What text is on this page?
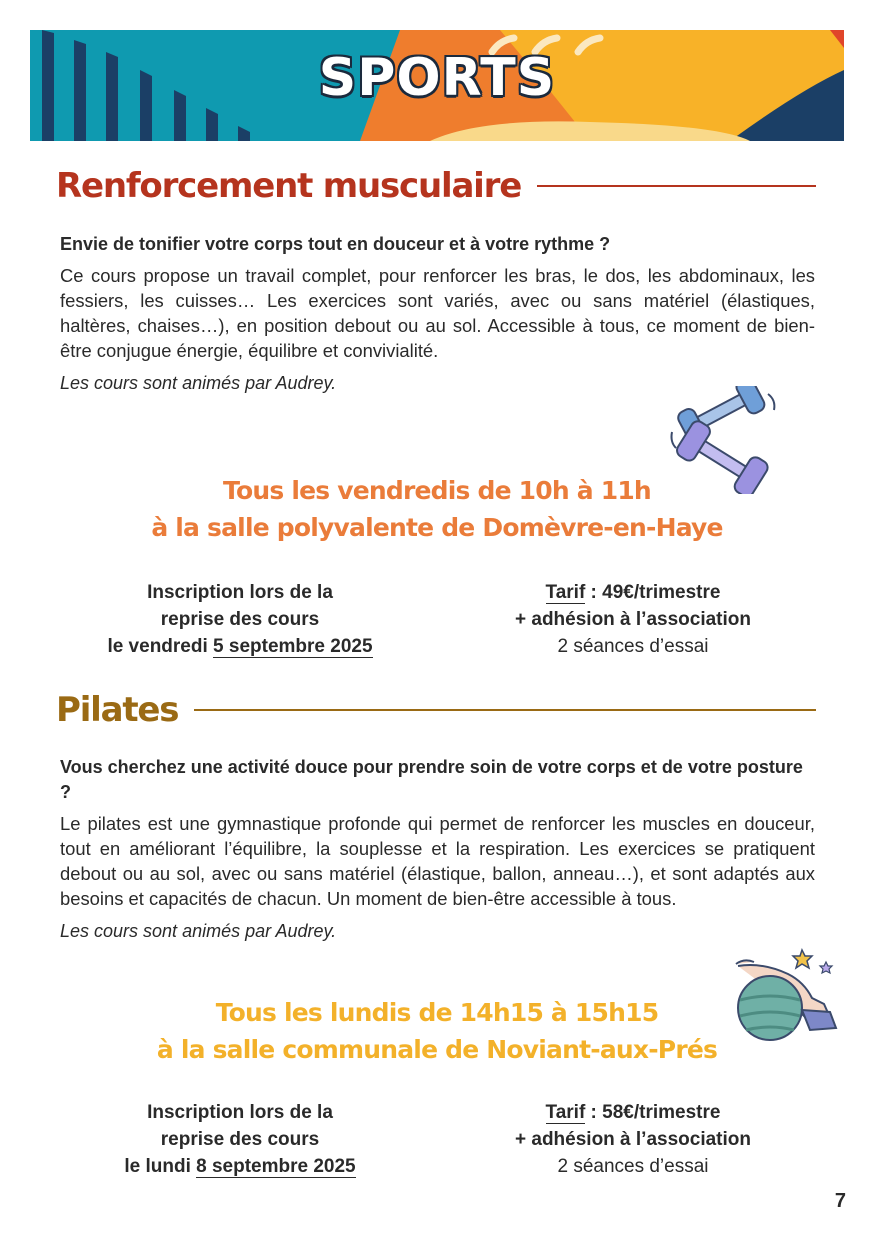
SPORTS
Renforcement musculaire

Envie de tonifier votre corps tout en douceur et à votre rythme ?

Ce cours propose un travail complet, pour renforcer les bras, le dos, les abdominaux, les fessiers, les cuisses… Les exercices sont variés, avec ou sans matériel (élastiques, haltères, chaises…), en position debout ou au sol. Accessible à tous, ce moment de bien-être conjugue énergie, équilibre et convivialité.

Les cours sont animés par Audrey.

Tous les vendredis de 10h à 11h
à la salle polyvalente de Domèvre-en-Haye
Inscription lors de la
reprise des cours
le vendredi 5 septembre 2025
Tarif : 49€/trimestre
+ adhésion à l’association
2 séances d’essai
Pilates

Vous cherchez une activité douce pour prendre soin de votre corps et de votre posture ?

Le pilates est une gymnastique profonde qui permet de renforcer les muscles en douceur, tout en améliorant l’équilibre, la souplesse et la respiration. Les exercices se pratiquent debout ou au sol, avec ou sans matériel (élastique, ballon, anneau…), et sont adaptés aux besoins et capacités de chacun. Un moment de bien-être accessible à tous.

Les cours sont animés par Audrey.

Tous les lundis de 14h15 à 15h15
à la salle communale de Noviant-aux-Prés
Inscription lors de la
reprise des cours
le lundi 8 septembre 2025
Tarif : 58€/trimestre
+ adhésion à l’association
2 séances d’essai
7
